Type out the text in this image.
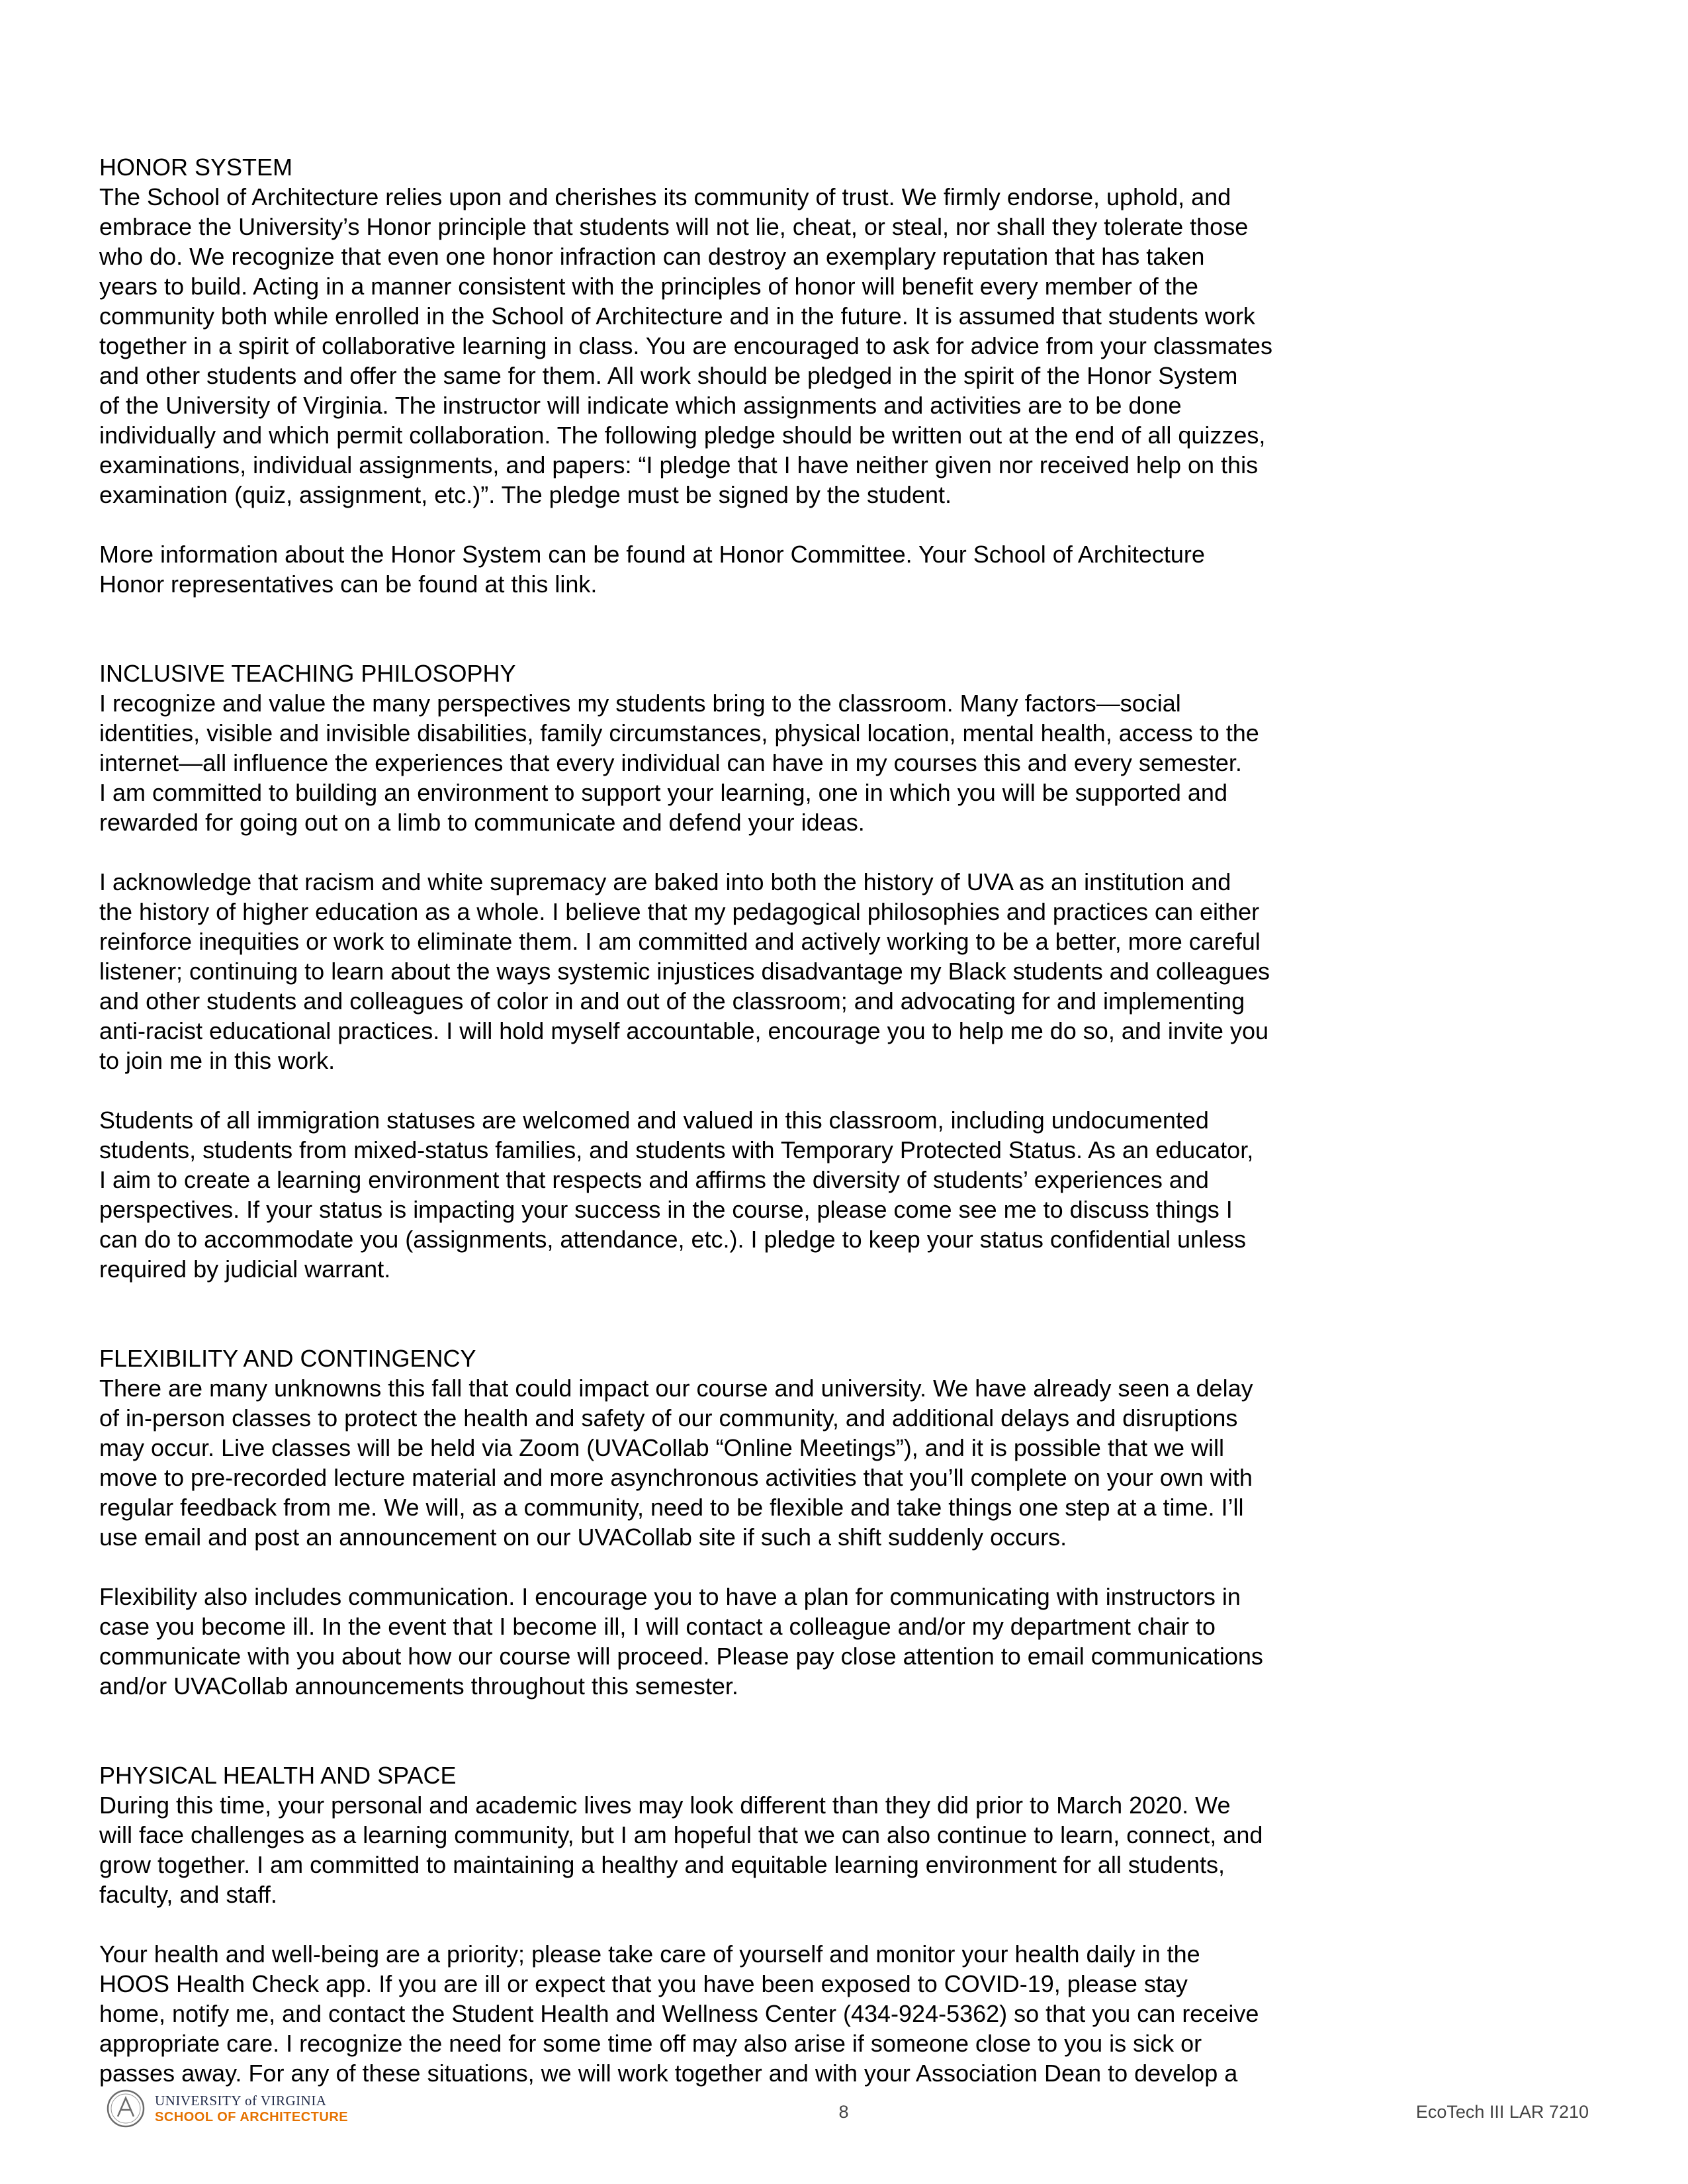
HONOR SYSTEM

The School of Architecture relies upon and cherishes its community of trust. We firmly endorse, uphold, and
embrace the University’s Honor principle that students will not lie, cheat, or steal, nor shall they tolerate those
who do. We recognize that even one honor infraction can destroy an exemplary reputation that has taken
years to build. Acting in a manner consistent with the principles of honor will benefit every member of the
community both while enrolled in the School of Architecture and in the future. It is assumed that students work
together in a spirit of collaborative learning in class. You are encouraged to ask for advice from your classmates
and other students and offer the same for them. All work should be pledged in the spirit of the Honor System
of the University of Virginia. The instructor will indicate which assignments and activities are to be done
individually and which permit collaboration. The following pledge should be written out at the end of all quizzes,
examinations, individual assignments, and papers: “I pledge that I have neither given nor received help on this
examination (quiz, assignment, etc.)”. The pledge must be signed by the student.

More information about the Honor System can be found at Honor Committee. Your School of Architecture
Honor representatives can be found at this link.

INCLUSIVE TEACHING PHILOSOPHY

I recognize and value the many perspectives my students bring to the classroom. Many factors—social
identities, visible and invisible disabilities, family circumstances, physical location, mental health, access to the
internet—all influence the experiences that every individual can have in my courses this and every semester.
I am committed to building an environment to support your learning, one in which you will be supported and
rewarded for going out on a limb to communicate and defend your ideas.

I acknowledge that racism and white supremacy are baked into both the history of UVA as an institution and
the history of higher education as a whole. I believe that my pedagogical philosophies and practices can either
reinforce inequities or work to eliminate them. I am committed and actively working to be a better, more careful
listener; continuing to learn about the ways systemic injustices disadvantage my Black students and colleagues
and other students and colleagues of color in and out of the classroom; and advocating for and implementing
anti-racist educational practices. I will hold myself accountable, encourage you to help me do so, and invite you
to join me in this work.

Students of all immigration statuses are welcomed and valued in this classroom, including undocumented
students, students from mixed-status families, and students with Temporary Protected Status. As an educator,
I aim to create a learning environment that respects and affirms the diversity of students’ experiences and
perspectives. If your status is impacting your success in the course, please come see me to discuss things I
can do to accommodate you (assignments, attendance, etc.). I pledge to keep your status confidential unless
required by judicial warrant.

FLEXIBILITY AND CONTINGENCY

There are many unknowns this fall that could impact our course and university. We have already seen a delay
of in-person classes to protect the health and safety of our community, and additional delays and disruptions
may occur. Live classes will be held via Zoom (UVACollab “Online Meetings”), and it is possible that we will
move to pre-recorded lecture material and more asynchronous activities that you’ll complete on your own with
regular feedback from me. We will, as a community, need to be flexible and take things one step at a time. I’ll
use email and post an announcement on our UVACollab site if such a shift suddenly occurs.

Flexibility also includes communication. I encourage you to have a plan for communicating with instructors in
case you become ill. In the event that I become ill, I will contact a colleague and/or my department chair to
communicate with you about how our course will proceed. Please pay close attention to email communications
and/or UVACollab announcements throughout this semester.

PHYSICAL HEALTH AND SPACE

During this time, your personal and academic lives may look different than they did prior to March 2020. We
will face challenges as a learning community, but I am hopeful that we can also continue to learn, connect, and
grow together. I am committed to maintaining a healthy and equitable learning environment for all students,
faculty, and staff.

Your health and well-being are a priority; please take care of yourself and monitor your health daily in the
HOOS Health Check app. If you are ill or expect that you have been exposed to COVID-19, please stay
home, notify me, and contact the Student Health and Wellness Center (434-924-5362) so that you can receive
appropriate care. I recognize the need for some time off may also arise if someone close to you is sick or
passes away. For any of these situations, we will work together and with your Association Dean to develop a

UNIVERSITY of VIRGINIA
SCHOOL OF ARCHITECTURE	8	EcoTech III LAR 7210
